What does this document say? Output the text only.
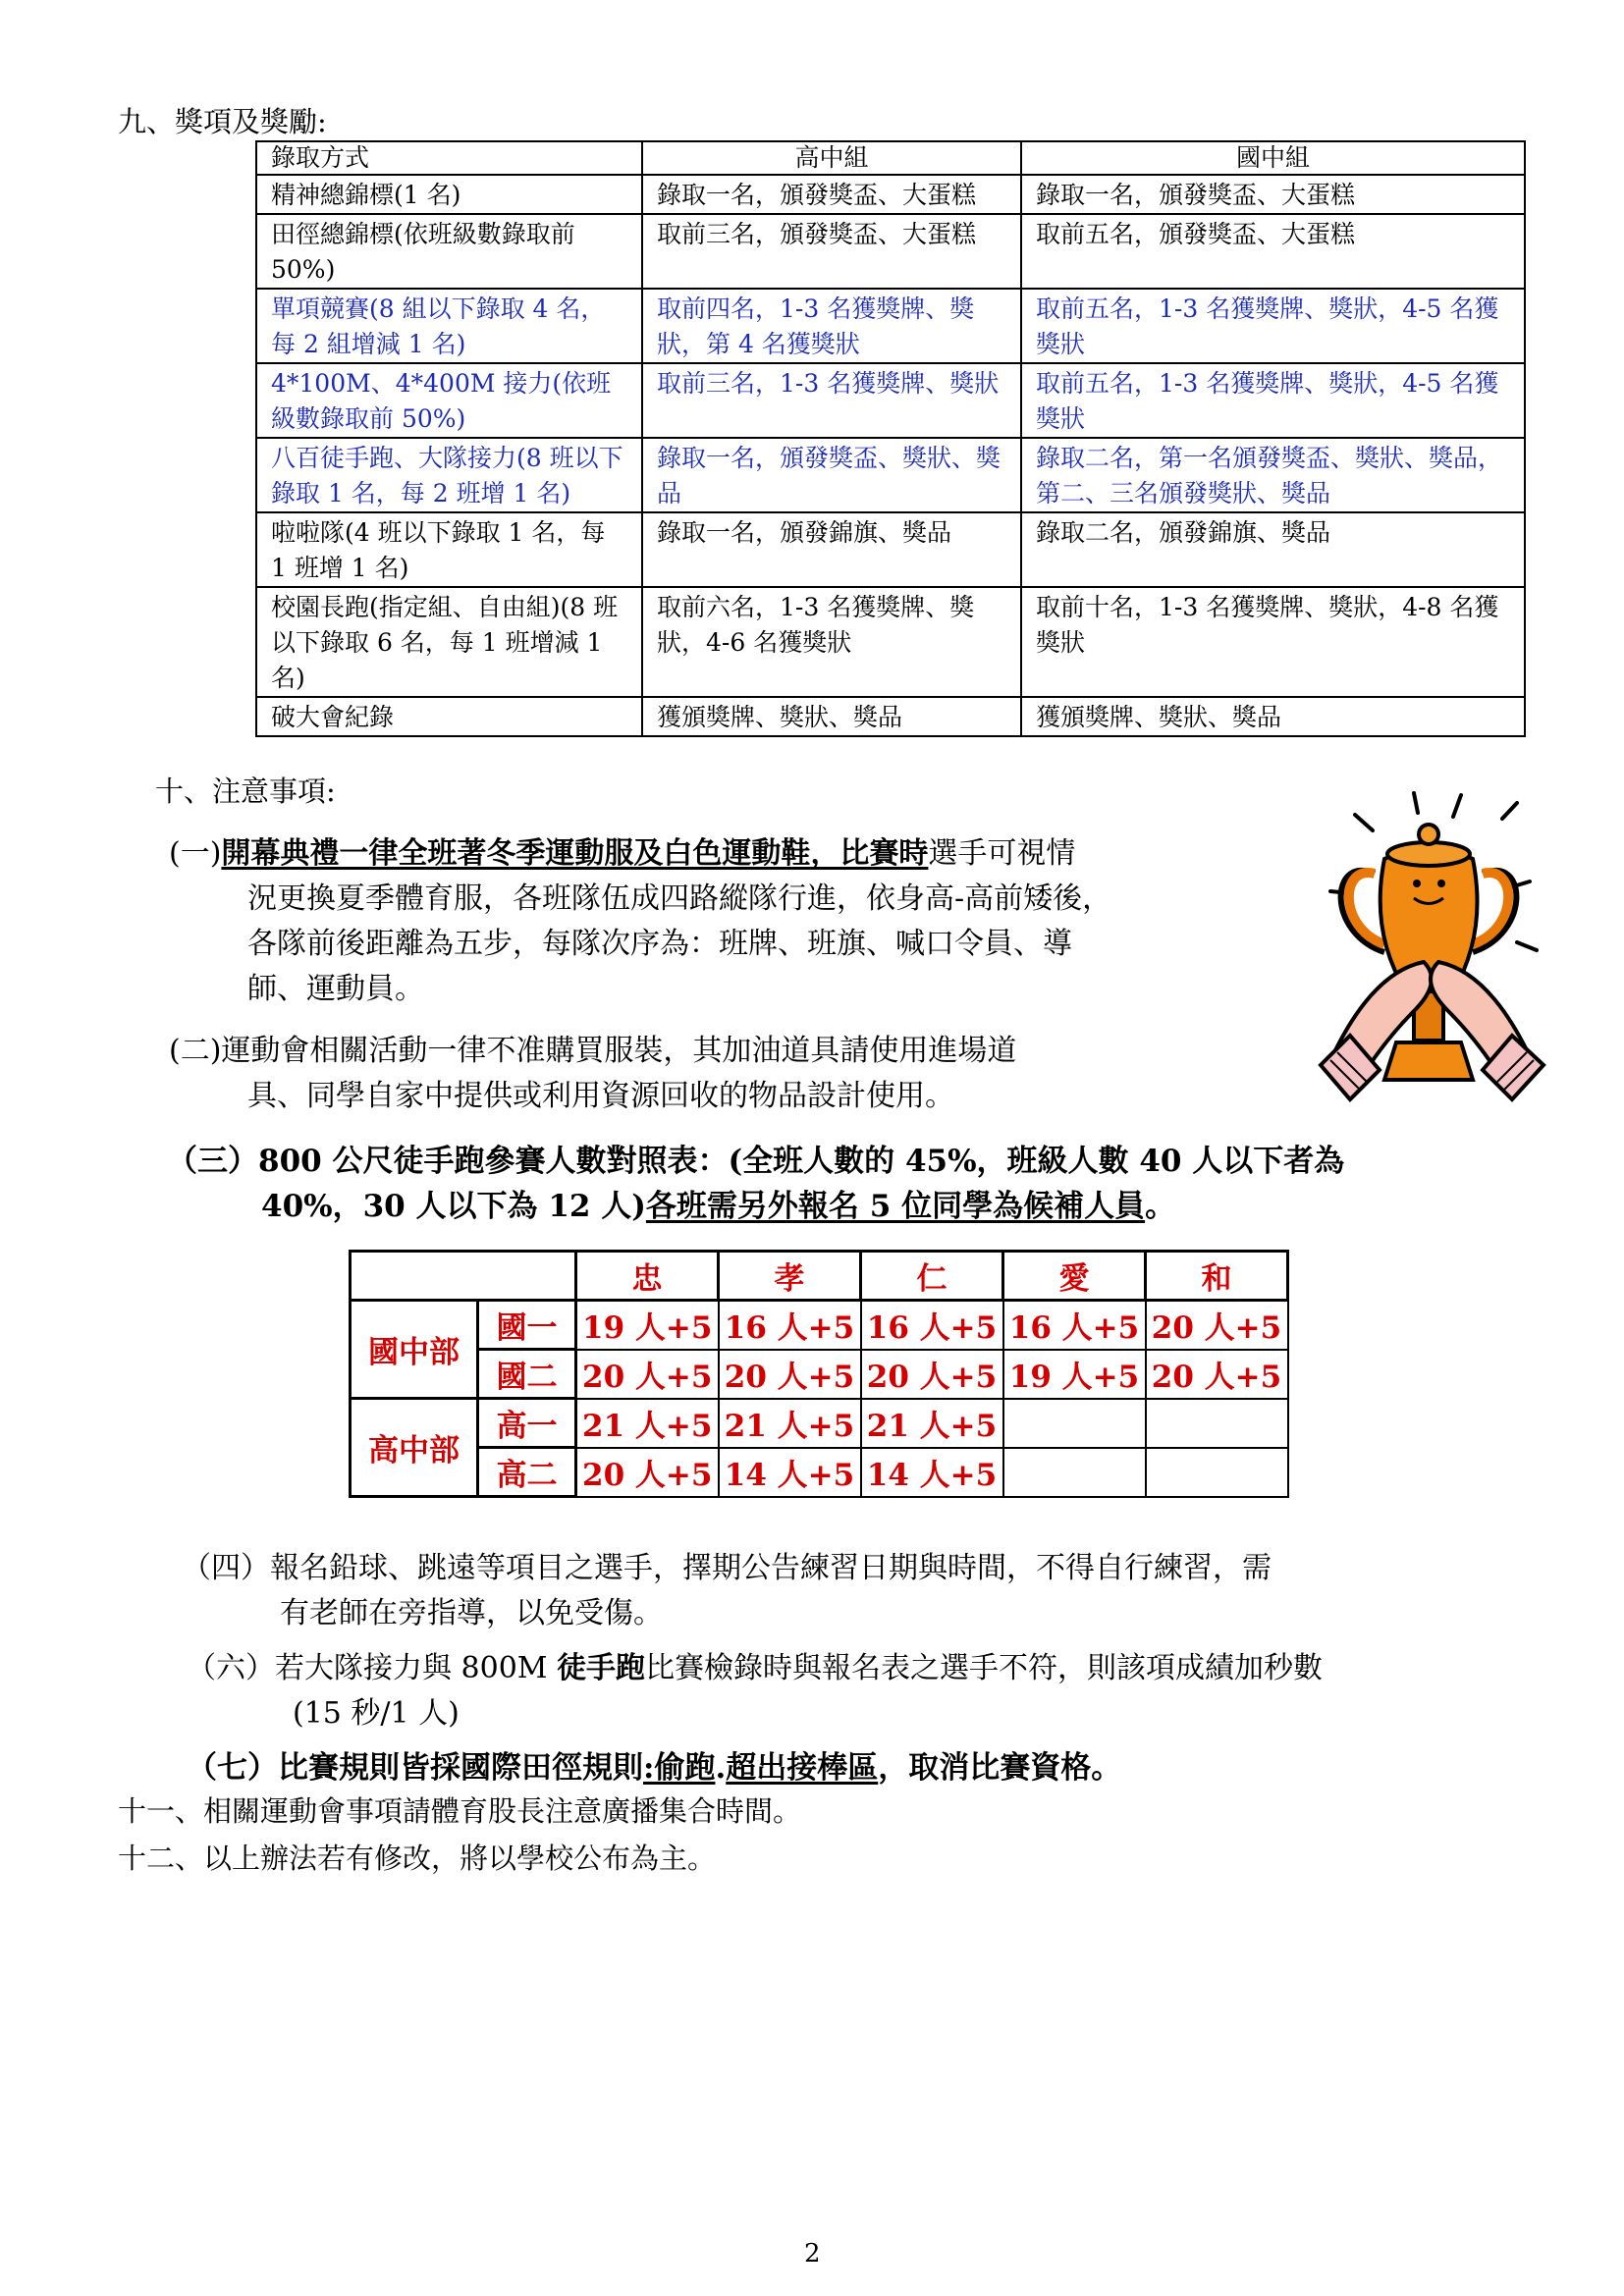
九、獎項及獎勵:
錄取方式	高中組	國中組
精神總錦標(1 名)	錄取一名，頒發獎盃、大蛋糕	錄取一名，頒發獎盃、大蛋糕
田徑總錦標(依班級數錄取前 50%)	取前三名，頒發獎盃、大蛋糕	取前五名，頒發獎盃、大蛋糕
單項競賽(8 組以下錄取 4 名，每 2 組增減 1 名)	取前四名，1-3 名獲獎牌、獎狀，第 4 名獲獎狀	取前五名，1-3 名獲獎牌、獎狀，4-5 名獲獎狀
4*100M、4*400M 接力(依班級數錄取前 50%)	取前三名，1-3 名獲獎牌、獎狀	取前五名，1-3 名獲獎牌、獎狀，4-5 名獲獎狀
八百徒手跑、大隊接力(8 班以下錄取 1 名，每 2 班增 1 名)	錄取一名，頒發獎盃、獎狀、獎品	錄取二名，第一名頒發獎盃、獎狀、獎品，第二、三名頒發獎狀、獎品
啦啦隊(4 班以下錄取 1 名，每 1 班增 1 名)	錄取一名，頒發錦旗、獎品	錄取二名，頒發錦旗、獎品
校園長跑(指定組、自由組)(8 班以下錄取 6 名，每 1 班增減 1 名)	取前六名，1-3 名獲獎牌、獎狀，4-6 名獲獎狀	取前十名，1-3 名獲獎牌、獎狀，4-8 名獲獎狀
破大會紀錄	獲頒獎牌、獎狀、獎品	獲頒獎牌、獎狀、獎品
十、注意事項:
(一)開幕典禮一律全班著冬季運動服及白色運動鞋，比賽時選手可視情
況更換夏季體育服，各班隊伍成四路縱隊行進，依身高-高前矮後，
各隊前後距離為五步，每隊次序為：班牌、班旗、喊口令員、導
師、運動員。
(二)運動會相關活動一律不准購買服裝，其加油道具請使用進場道
具、同學自家中提供或利用資源回收的物品設計使用。
（三）800 公尺徒手跑參賽人數對照表：(全班人數的 45%，班級人數 40 人以下者為
40%，30 人以下為 12 人)各班需另外報名 5 位同學為候補人員。
		忠	孝	仁	愛	和
國中部	國一	19 人+5	16 人+5	16 人+5	16 人+5	20 人+5
	國二	20 人+5	20 人+5	20 人+5	19 人+5	20 人+5
高中部	高一	21 人+5	21 人+5	21 人+5		
	高二	20 人+5	14 人+5	14 人+5		
（四）報名鉛球、跳遠等項目之選手，擇期公告練習日期與時間，不得自行練習，需
有老師在旁指導，以免受傷。
（六）若大隊接力與 800M 徒手跑比賽檢錄時與報名表之選手不符，則該項成績加秒數
(15 秒/1 人)
（七）比賽規則皆採國際田徑規則:偷跑.超出接棒區，取消比賽資格。
十一、相關運動會事項請體育股長注意廣播集合時間。
十二、以上辦法若有修改，將以學校公布為主。
2
